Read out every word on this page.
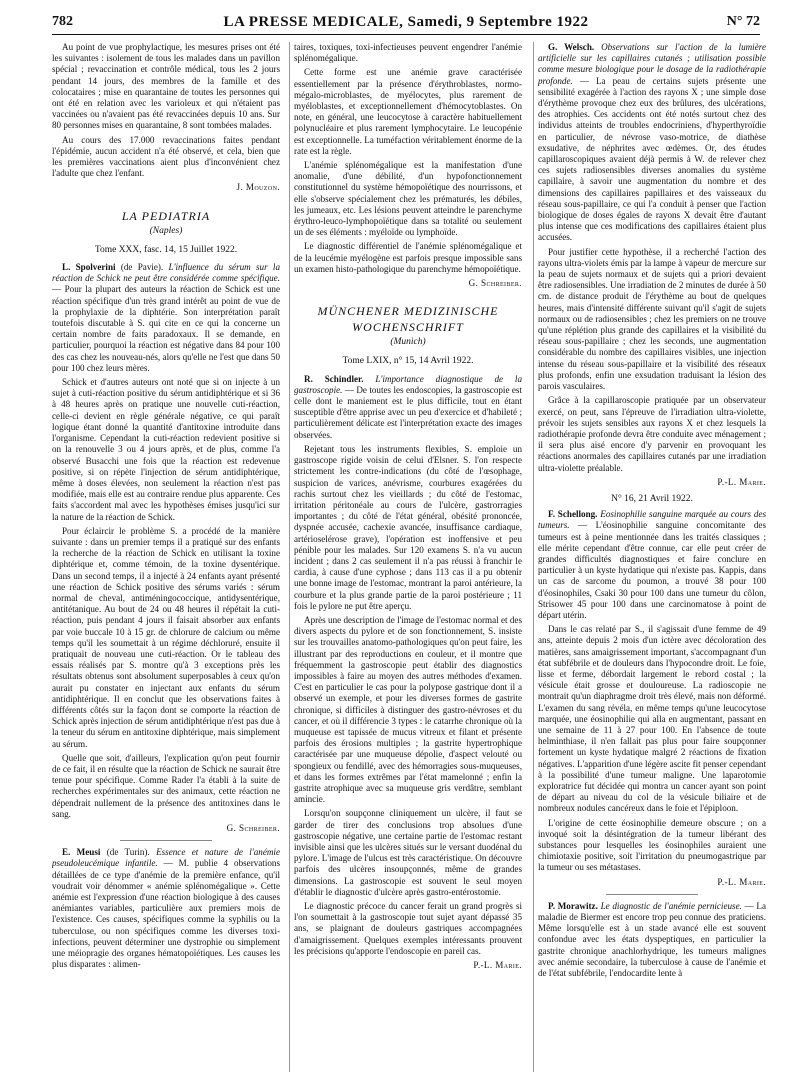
782	LA PRESSE MEDICALE, Samedi, 9 Septembre 1922	N° 72

Au point de vue prophylactique, les mesures prises ont été les suivantes : isolement de tous les malades dans un pavillon spécial ; revaccination et contrôle médical, tous les 2 jours pendant 14 jours, des membres de la famille et des colocataires ; mise en quarantaine de toutes les personnes qui ont été en relation avec les varioleux et qui n'étaient pas vaccinées ou n'avaient pas été revaccinées depuis 10 ans. Sur 80 personnes mises en quarantaine, 8 sont tombées malades.

Au cours des 17.000 revaccinations faites pendant l'épidémie, aucun accident n'a été observé, et cela, bien que les premières vaccinations aient plus d'inconvénient chez l'adulte que chez l'enfant.

J. Mouzon.
LA PEDIATRIA
(Naples)
Tome XXX, fasc. 14, 15 Juillet 1922.

L. Spolverini (de Pavie). L'influence du sérum sur la réaction de Schick ne peut être considérée comme spécifique. — Pour la plupart des auteurs la réaction de Schick est une réaction spécifique d'un très grand intérêt au point de vue de la prophylaxie de la diphtérie. Son interprétation paraît toutefois discutable à S. qui cite en ce qui la concerne un certain nombre de faits paradoxaux. Il se demande, en particulier, pourquoi la réaction est négative dans 84 pour 100 des cas chez les nouveau-nés, alors qu'elle ne l'est que dans 50 pour 100 chez leurs mères.

Schick et d'autres auteurs ont noté que si on injecte à un sujet à cuti-réaction positive du sérum antidiphtérique et si 36 à 48 heures après on pratique une nouvelle cuti-réaction, celle-ci devient en règle générale négative, ce qui paraît logique étant donné la quantité d'antitoxine introduite dans l'organisme. Cependant la cuti-réaction redevient positive si on la renouvelle 3 ou 4 jours après, et de plus, comme l'a observé Busacchi une fois que la réaction est redevenue positive, si on répète l'injection de sérum antidiphtérique, même à doses élevées, non seulement la réaction n'est pas modifiée, mais elle est au contraire rendue plus apparente. Ces faits s'accordent mal avec les hypothèses émises jusqu'ici sur la nature de la réaction de Schick.

Pour éclaircir le problème S. a procédé de la manière suivante : dans un premier temps il a pratiqué sur des enfants la recherche de la réaction de Schick en utilisant la toxine diphtérique et, comme témoin, de la toxine dysentérique. Dans un second temps, il a injecté à 24 enfants ayant présenté une réaction de Schick positive des sérums variés : sérum normal de cheval, antiméningococcique, antidysentérique, antitétanique. Au bout de 24 ou 48 heures il répétait la cuti-réaction, puis pendant 4 jours il faisait absorber aux enfants par voie buccale 10 à 15 gr. de chlorure de calcium ou même temps qu'il les soumettait à un régime déchloruré, ensuite il pratiquait de nouveau une cuti-réaction. Or le tableau des essais réalisés par S. montre qu'à 3 exceptions près les résultats obtenus sont absolument superposables à ceux qu'on aurait pu constater en injectant aux enfants du sérum antidiphtérique. Il en conclut que les observations faites à différents côtés sur la façon dont se comporte la réaction de Schick après injection de sérum antidiphtérique n'est pas due à la teneur du sérum en antitoxine diphtérique, mais simplement au sérum.

Quelle que soit, d'ailleurs, l'explication qu'on peut fournir de ce fait, il en résulte que la réaction de Schick ne saurait être tenue pour spécifique. Comme Rader l'a établi à la suite de recherches expérimentales sur des animaux, cette réaction ne dépendrait nullement de la présence des antitoxines dans le sang.

G. Schreiber.

E. Meusi (de Turin). Essence et nature de l'anémie pseudoleucémique infantile. — M. publie 4 observations détaillées de ce type d'anémie de la première enfance, qu'il voudrait voir dénommer « anémie splénomégalique ». Cette anémie est l'expression d'une réaction biologique à des causes anémiantes variables, particulière aux premiers mois de l'existence. Ces causes, spécifiques comme la syphilis ou la tuberculose, ou non spécifiques comme les diverses toxi-infections, peuvent déterminer une dystrophie ou simplement une méiopragie des organes hématopoïétiques. Les causes les plus disparates : alimen-

taires, toxiques, toxi-infectieuses peuvent engendrer l'anémie splénomégalique.

Cette forme est une anémie grave caractérisée essentiellement par la présence d'érythroblastes, normo-mégalo-microblastes, de myélocytes, plus rarement de myéloblastes, et exceptionnellement d'hémocytoblastes. On note, en général, une leucocytose à caractère habituellement polynucléaire et plus rarement lymphocytaire. Le leucopénie est exceptionnelle. La tuméfaction véritablement énorme de la rate est la règle.

L'anémie splénomégalique est la manifestation d'une anomalie, d'une débilité, d'un hypofonctionnement constitutionnel du système hémopoïétique des nourrissons, et elle s'observe spécialement chez les prématurés, les débiles, les jumeaux, etc. Les lésions peuvent atteindre le parenchyme érythro-leuco-lymphopoïétique dans sa totalité ou seulement un de ses éléments : myéloïde ou lymphoïde.

Le diagnostic différentiel de l'anémie splénomégalique et de la leucémie myélogène est parfois presque impossible sans un examen histo-pathologique du parenchyme hémopoïétique.

G. Schreiber.
MÜNCHENER MEDIZINISCHE
WOCHENSCHRIFT
(Munich)
Tome LXIX, n° 15, 14 Avril 1922.

R. Schindler. L'importance diagnostique de la gastroscopie. — De toutes les endoscopies, la gastroscopie est celle dont le maniement est le plus difficile, tout en étant susceptible d'être apprise avec un peu d'exercice et d'habileté ; particulièrement délicate est l'interprétation exacte des images observées.

Rejetant tous les instruments flexibles, S. emploie un gastroscope rigide voisin de celui d'Elsner. S. l'on respecte strictement les contre-indications (du côté de l'œsophage, suspicion de varices, anévrisme, courbures exagérées du rachis surtout chez les vieillards ; du côté de l'estomac, irritation péritonéale au cours de l'ulcère, gastrorragies importantes ; du côté de l'état général, obésité prononcée, dyspnée accusée, cachexie avancée, insuffisance cardiaque, artérioselérose grave), l'opération est inoffensive et peu pénible pour les malades. Sur 120 examens S. n'a vu aucun incident ; dans 2 cas seulement il n'a pas réussi à franchir le cardia, à cause d'une cyphose ; dans 113 cas il a pu obtenir une bonne image de l'estomac, montrant la paroi antérieure, la courbure et la plus grande partie de la paroi postérieure ; 11 fois le pylore ne put être aperçu.

Après une description de l'image de l'estomac normal et des divers aspects du pylore et de son fonctionnement, S. insiste sur les trouvailles anatomo-pathologiques qu'on peut faire, les illustrant par des reproductions en couleur, et il montre que fréquemment la gastroscopie peut établir des diagnostics impossibles à faire au moyen des autres méthodes d'examen. C'est en particulier le cas pour la polypose gastrique dont il a observé un exemple, et pour les diverses formes de gastrite chronique, si difficiles à distinguer des gastro-névroses et du cancer, et où il différencie 3 types : le catarrhe chronique où la muqueuse est tapissée de mucus vitreux et filant et présente parfois des érosions multiples ; la gastrite hypertrophique caractérisée par une muqueuse dépolie, d'aspect velouté ou spongieux ou fendillé, avec des hémorragies sous-muqueuses, et dans les formes extrêmes par l'état mamelonné ; enfin la gastrite atrophique avec sa muqueuse gris verdâtre, semblant amincie.

Lorsqu'on soupçonne cliniquement un ulcère, il faut se garder de tirer des conclusions trop absolues d'une gastroscopie négative, une certaine partie de l'estomac restant invisible ainsi que les ulcères situés sur le versant duodénal du pylore. L'image de l'ulcus est très caractéristique. On découvre parfois des ulcères insoupçonnés, même de grandes dimensions. La gastroscopie est souvent le seul moyen d'établir le diagnostic d'ulcère après gastro-entérostomie.

Le diagnostic précoce du cancer ferait un grand progrès si l'on soumettait à la gastroscopie tout sujet ayant dépassé 35 ans, se plaignant de douleurs gastriques accompagnées d'amaigrissement. Quelques exemples intéressants prouvent les précisions qu'apporte l'endoscopie en pareil cas.

P.-L. Marie.

G. Welsch. Observations sur l'action de la lumière artificielle sur les capillaires cutanés ; utilisation possible comme mesure biologique pour le dosage de la radiothérapie profonde. — La peau de certains sujets présente une sensibilité exagérée à l'action des rayons X ; une simple dose d'érythème provoque chez eux des brûlures, des ulcérations, des atrophies. Ces accidents ont été notés surtout chez des individus atteints de troubles endocriniens, d'hyperthyroïdie en particulier, de névrose vaso-motrice, de diathèse exsudative, de néphrites avec œdèmes. Or, des études capillaroscopiques avaient déjà permis à W. de relever chez ces sujets radiosensibles diverses anomalies du système capillaire, à savoir une augmentation du nombre et des dimensions des capillaires papillaires et des vaisseaux du réseau sous-papillaire, ce qui l'a conduit à penser que l'action biologique de doses égales de rayons X devait être d'autant plus intense que ces modifications des capillaires étaient plus accusées.

Pour justifier cette hypothèse, il a recherché l'action des rayons ultra-violets émis par la lampe à vapeur de mercure sur la peau de sujets normaux et de sujets qui a priori devaient être radiosensibles. Une irradiation de 2 minutes de durée à 50 cm. de distance produit de l'érythème au bout de quelques heures, mais d'intensité différente suivant qu'il s'agit de sujets normaux ou de radiosensibles ; chez les premiers on ne trouve qu'une réplétion plus grande des capillaires et la visibilité du réseau sous-papillaire ; chez les seconds, une augmentation considérable du nombre des capillaires visibles, une injection intense du réseau sous-papillaire et la visibilité des réseaux plus profonds, enfin une exsudation traduisant la lésion des parois vasculaires.

Grâce à la capillaroscopie pratiquée par un observateur exercé, on peut, sans l'épreuve de l'irradiation ultra-violette, prévoir les sujets sensibles aux rayons X et chez lesquels la radiothérapie profonde devra être conduite avec ménagement ; il sera plus aisé encore d'y parvenir en provoquant les réactions anormales des capillaires cutanés par une irradiation ultra-violette préalable.

P.-L. Marie.
N° 16, 21 Avril 1922.

F. Schellong. Eosinophilie sanguine marquée au cours des tumeurs. — L'éosinophilie sanguine concomitante des tumeurs est à peine mentionnée dans les traités classiques ; elle mérite cependant d'être connue, car elle peut créer de grandes difficultés diagnostiques et faire conclure en particulier à un kyste hydatique qui n'existe pas. Kappis, dans un cas de sarcome du poumon, a trouvé 38 pour 100 d'éosinophiles, Csaki 30 pour 100 dans une tumeur du côlon, Strisower 45 pour 100 dans une carcinomatose à point de départ utérin.

Dans le cas relaté par S., il s'agissait d'une femme de 49 ans, atteinte depuis 2 mois d'un ictère avec décoloration des matières, sans amaigrissement important, s'accompagnant d'un état subfébrile et de douleurs dans l'hypocondre droit. Le foie, lisse et ferme, débordait largement le rebord costal ; la vésicule était grosse et douloureuse. La radioscopie ne montrait qu'un diaphragme droit très élevé, mais non déformé. L'examen du sang révéla, en même temps qu'une leucocytose marquée, une éosinophilie qui alla en augmentant, passant en une semaine de 11 à 27 pour 100. En l'absence de toute helminthiase, il n'en fallait pas plus pour faire soupçonner fortement un kyste hydatique malgré 2 réactions de fixation négatives. L'apparition d'une légère ascite fit penser cependant à la possibilité d'une tumeur maligne. Une laparotomie exploratrice fut décidée qui montra un cancer ayant son point de départ au niveau du col de la vésicule biliaire et de nombreux nodules cancéreux dans le foie et l'épiploon.

L'origine de cette éosinophilie demeure obscure ; on a invoqué soit la désintégration de la tumeur libérant des substances pour lesquelles les éosinophiles auraient une chimiotaxie positive, soit l'irritation du pneumogastrique par la tumeur ou ses métastases.

P.-L. Marie.

P. Morawitz. Le diagnostic de l'anémie pernicieuse. — La maladie de Biermer est encore trop peu connue des praticiens. Même lorsqu'elle est à un stade avancé elle est souvent confondue avec les états dyspeptiques, en particulier la gastrite chronique anachlorhydrique, les tumeurs malignes avec anémie secondaire, la tuberculose à cause de l'anémie et de l'état subfébrile, l'endocardite lente à
